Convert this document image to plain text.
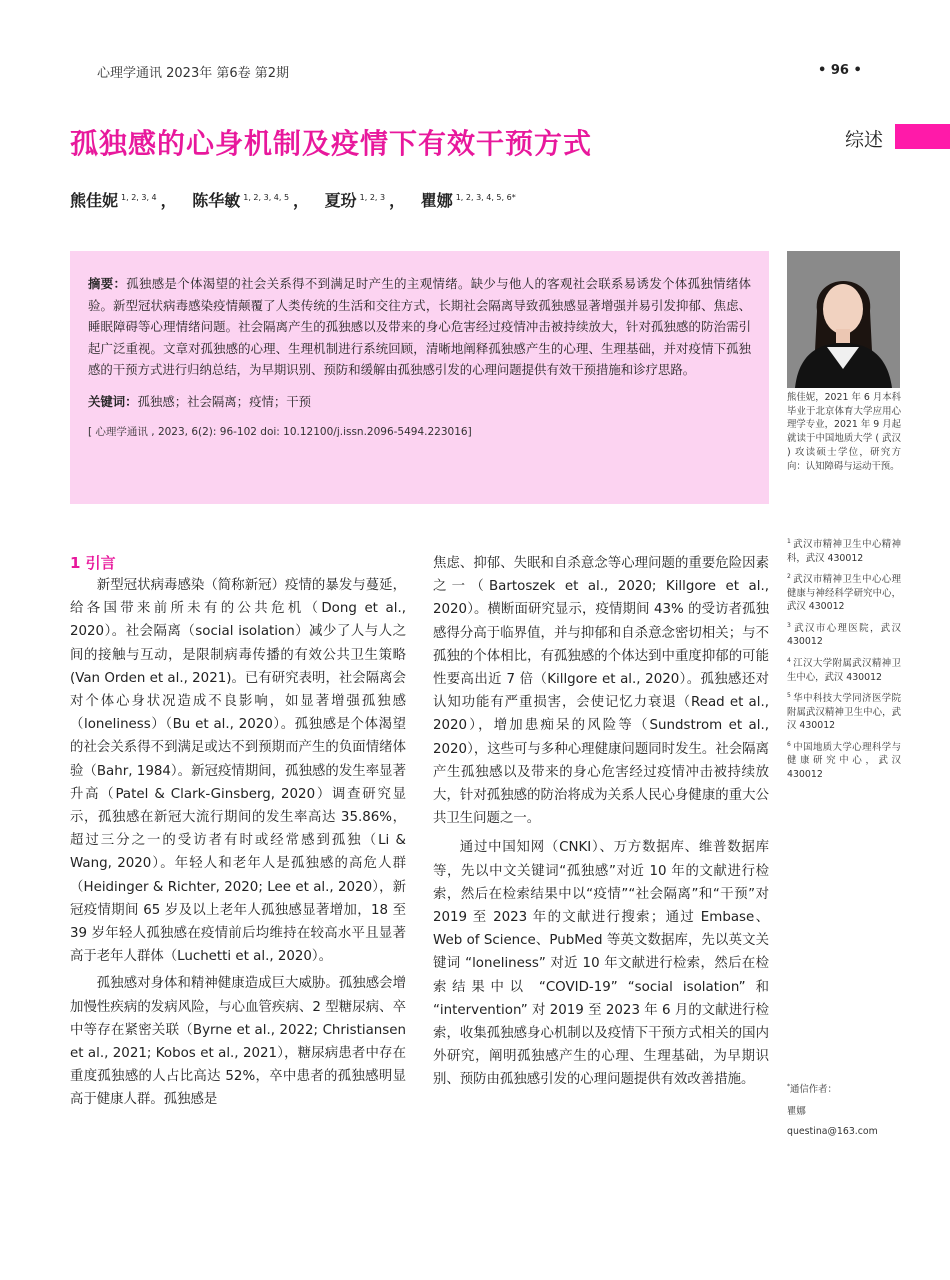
心理学通讯 2023年 第6卷 第2期	• 96 •
孤独感的心身机制及疫情下有效干预方式	综述
熊佳妮 $^{1, 2, 3, 4}$ ， 陈华敏 $^{1, 2, 3, 4, 5}$ ， 夏玢 $^{1, 2, 3}$ ， 瞿娜 $^{1, 2, 3, 4, 5, 6*}$

摘要：孤独感是个体渴望的社会关系得不到满足时产生的主观情绪。缺少与他人的客观社会联系易诱发个体孤独情绪体验。新型冠状病毒感染疫情颠覆了人类传统的生活和交往方式，长期社会隔离导致孤独感显著增强并易引发抑郁、焦虑、睡眠障碍等心理情绪问题。社会隔离产生的孤独感以及带来的身心危害经过疫情冲击被持续放大，针对孤独感的防治需引起广泛重视。文章对孤独感的心理、生理机制进行系统回顾，清晰地阐释孤独感产生的心理、生理基础，并对疫情下孤独感的干预方式进行归纳总结，为早期识别、预防和缓解由孤独感引发的心理问题提供有效干预措施和诊疗思路。

关键词：孤独感；社会隔离；疫情；干预

[ 心理学通讯 , 2023, 6(2): 96-102 doi: 10.12100/j.issn.2096-5494.223016]

熊佳妮，2021 年 6 月本科毕业于北京体育大学应用心理学专业，2021 年 9 月起就读于中国地质大学 ( 武汉 ) 攻读硕士学位，研究方向：认知障碍与运动干预。
1 引言

新型冠状病毒感染（简称新冠）疫情的暴发与蔓延，给各国带来前所未有的公共危机（Dong et al., 2020）。社会隔离（social isolation）减少了人与人之间的接触与互动，是限制病毒传播的有效公共卫生策略(Van Orden et al., 2021)。已有研究表明，社会隔离会对个体心身状况造成不良影响，如显著增强孤独感（loneliness）（Bu et al., 2020）。孤独感是个体渴望的社会关系得不到满足或达不到预期而产生的负面情绪体验（Bahr, 1984）。新冠疫情期间，孤独感的发生率显著升高（Patel & Clark-Ginsberg, 2020）调查研究显示，孤独感在新冠大流行期间的发生率高达 35.86%，超过三分之一的受访者有时或经常感到孤独（Li & Wang, 2020）。年轻人和老年人是孤独感的高危人群（Heidinger & Richter, 2020; Lee et al., 2020），新冠疫情期间 65 岁及以上老年人孤独感显著增加，18 至 39 岁年轻人孤独感在疫情前后均维持在较高水平且显著高于老年人群体（Luchetti et al., 2020）。

孤独感对身体和精神健康造成巨大威胁。孤独感会增加慢性疾病的发病风险，与心血管疾病、2 型糖尿病、卒中等存在紧密关联（Byrne et al., 2022; Christiansen et al., 2021; Kobos et al., 2021），糖尿病患者中存在重度孤独感的人占比高达 52%，卒中患者的孤独感明显高于健康人群。孤独感是

焦虑、抑郁、失眠和自杀意念等心理问题的重要危险因素之一（Bartoszek et al., 2020; Killgore et al., 2020）。横断面研究显示，疫情期间 43% 的受访者孤独感得分高于临界值，并与抑郁和自杀意念密切相关；与不孤独的个体相比，有孤独感的个体达到中重度抑郁的可能性要高出近 7 倍（Killgore et al., 2020）。孤独感还对认知功能有严重损害，会使记忆力衰退（Read et al., 2020），增加患痴呆的风险等（Sundstrom et al., 2020），这些可与多种心理健康问题同时发生。社会隔离产生孤独感以及带来的身心危害经过疫情冲击被持续放大，针对孤独感的防治将成为关系人民心身健康的重大公共卫生问题之一。

通过中国知网（CNKI）、万方数据库、维普数据库等，先以中文关键词“孤独感”对近 10 年的文献进行检索，然后在检索结果中以“疫情”“社会隔离”和“干预”对 2019 至 2023 年的文献进行搜索；通过 Embase、Web of Science、PubMed 等英文数据库，先以英文关键词 “loneliness” 对近 10 年文献进行检索，然后在检索结果中以 “COVID-19” “social isolation” 和 “intervention” 对 2019 至 2023 年 6 月的文献进行检索，收集孤独感身心机制以及疫情下干预方式相关的国内外研究，阐明孤独感产生的心理、生理基础，为早期识别、预防由孤独感引发的心理问题提供有效改善措施。

$^1$ 武汉市精神卫生中心精神科，武汉 430012
$^2$ 武汉市精神卫生中心心理健康与神经科学研究中心，武汉 430012
$^3$ 武汉市心理医院，武汉 430012
$^4$ 江汉大学附属武汉精神卫生中心，武汉 430012
$^5$ 华中科技大学同济医学院附属武汉精神卫生中心，武汉 430012
$^6$ 中国地质大学心理科学与健康研究中心，武汉 430012
*通信作者：
瞿娜
questina@163.com
